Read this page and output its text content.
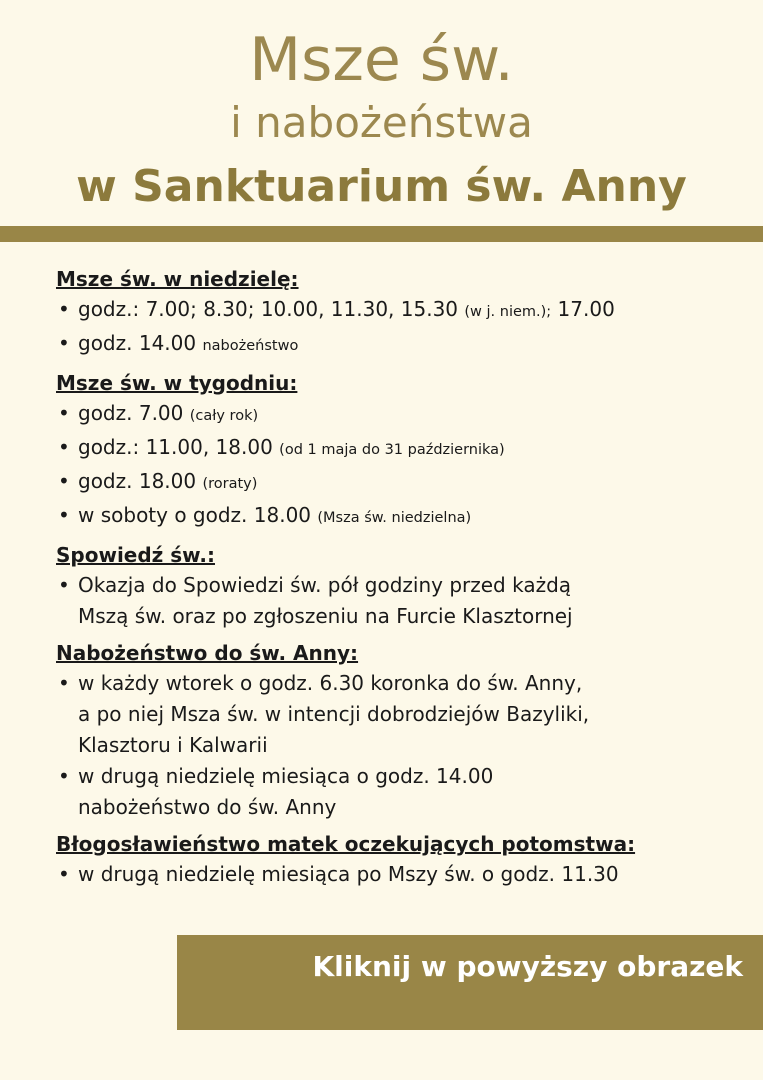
Msze św.
i nabożeństwa
w Sanktuarium św. Anny
Msze św. w niedzielę:
• godz.: 7.00; 8.30; 10.00, 11.30, 15.30 (w j. niem.); 17.00
• godz. 14.00 nabożeństwo
Msze św. w tygodniu:
• godz. 7.00 (cały rok)
• godz.: 11.00, 18.00 (od 1 maja do 31 października)
• godz. 18.00 (roraty)
• w soboty o godz. 18.00 (Msza św. niedzielna)
Spowiedź św.:
• Okazja do Spowiedzi św. pół godziny przed każdą
Mszą św. oraz po zgłoszeniu na Furcie Klasztornej
Nabożeństwo do św. Anny:
• w każdy wtorek o godz. 6.30 koronka do św. Anny,
a po niej Msza św. w intencji dobrodziejów Bazyliki,
Klasztoru i Kalwarii
• w drugą niedzielę miesiąca o godz. 14.00
nabożeństwo do św. Anny
Błogosławieństwo matek oczekujących potomstwa:
• w drugą niedzielę miesiąca po Mszy św. o godz. 11.30
Kliknij w powyższy obrazek
